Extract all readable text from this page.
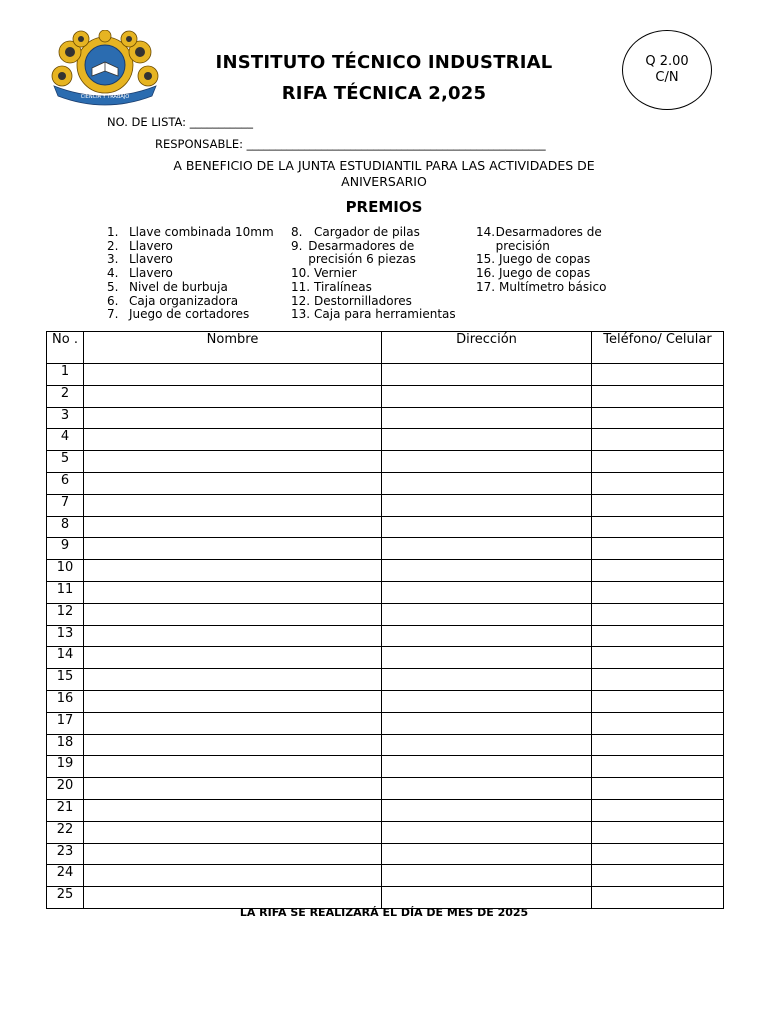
CIENCIA Y TRABAJO
INSTITUTO TÉCNICO INDUSTRIAL
RIFA TÉCNICA 2,025
Q 2.00
C/N
NO. DE LISTA: ___________
RESPONSABLE: ____________________________________________________
A BENEFICIO DE LA JUNTA ESTUDIANTIL PARA LAS ACTIVIDADES DE ANIVERSARIO
PREMIOS
1. Llave combinada 10mm
2. Llavero
3. Llavero
4. Llavero
5. Nivel de burbuja
6. Caja organizadora
7. Juego de cortadores
8. Cargador de pilas
9. Desarmadores de precisión 6 piezas
10. Vernier
11. Tiralíneas
12. Destornilladores
13. Caja para herramientas
14. Desarmadores de precisión
15. Juego de copas
16. Juego de copas
17. Multímetro básico
No .	Nombre	Dirección	Teléfono/ Celular
1			
2			
3			
4			
5			
6			
7			
8			
9			
10			
11			
12			
13			
14			
15			
16			
17			
18			
19			
20			
21			
22			
23			
24			
25			
LA RIFA SE REALIZARÁ EL DÍA DE MES DE 2025
